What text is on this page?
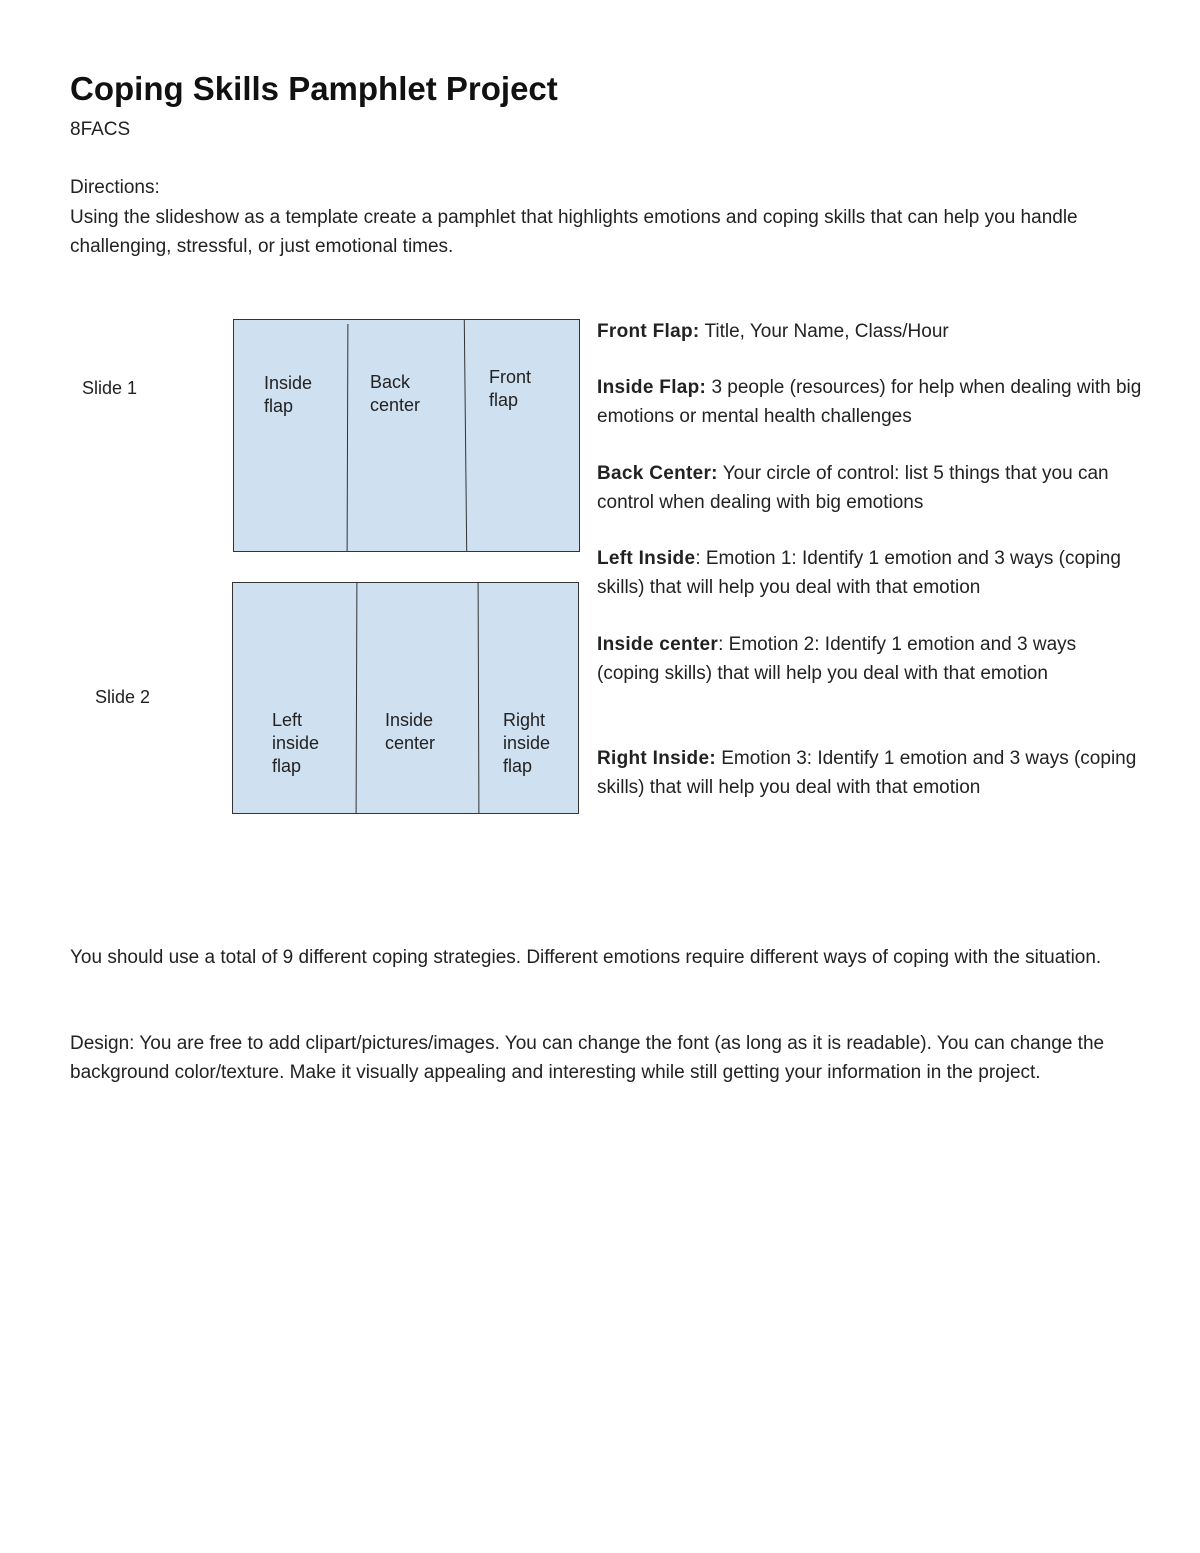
Coping Skills Pamphlet Project
8FACS
Directions:
Using the slideshow as a template create a pamphlet that highlights emotions and coping skills that can help you handle challenging, stressful, or just emotional times.
Slide 1	Inside
flap
Back
center
Front
flap
Slide 2
Left
inside
flap
Inside
center
Right
inside
flap
Front Flap: Title, Your Name, Class/Hour
Inside Flap: 3 people (resources) for help when dealing with big emotions or mental health challenges
Back Center: Your circle of control: list 5 things that you can control when dealing with big emotions
Left Inside: Emotion 1: Identify 1 emotion and 3 ways (coping skills) that will help you deal with that emotion
Inside center: Emotion 2: Identify 1 emotion and 3 ways (coping skills) that will help you deal with that emotion
Right Inside: Emotion 3: Identify 1 emotion and 3 ways (coping skills) that will help you deal with that emotion
You should use a total of 9 different coping strategies. Different emotions require different ways of coping with the situation.
Design: You are free to add clipart/pictures/images. You can change the font (as long as it is readable). You can change the background color/texture. Make it visually appealing and interesting while still getting your information in the project.
